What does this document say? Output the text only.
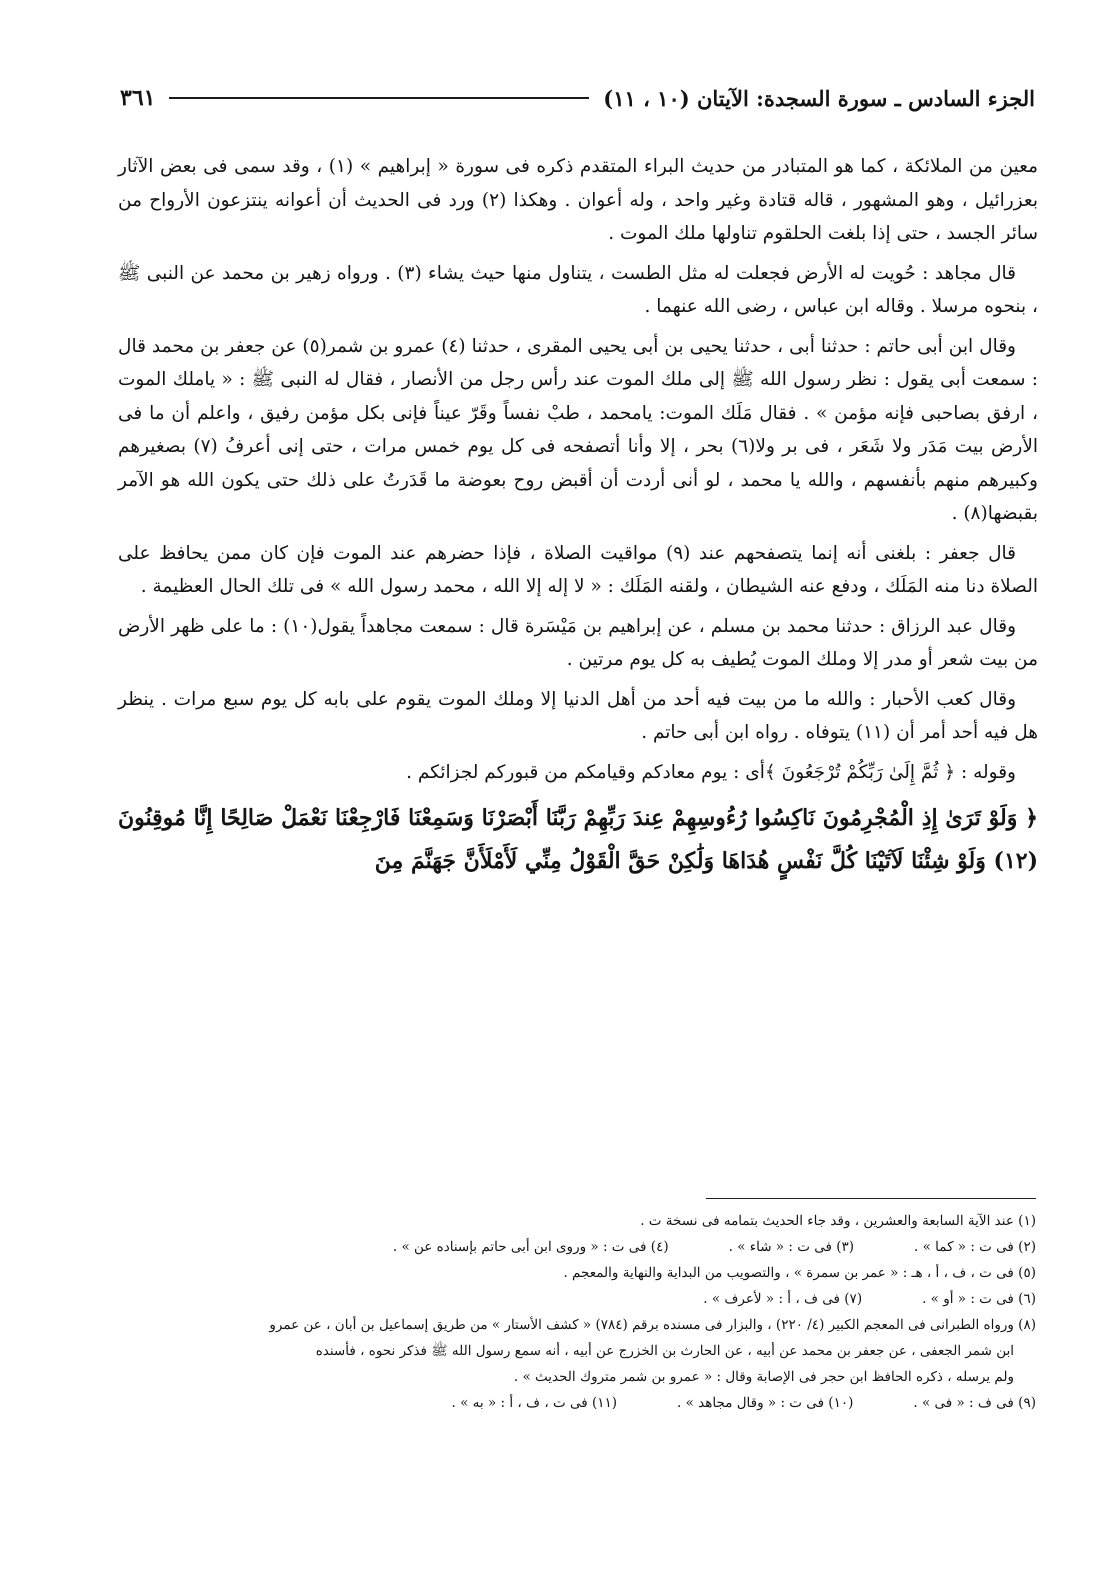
الجزء السادس ـ سورة السجدة: الآيتان (١٠ ، ١١)
٣٦١

معين من الملائكة ، كما هو المتبادر من حديث البراء المتقدم ذكره فى سورة « إبراهيم » (١) ، وقد سمى فى بعض الآثار بعزرائيل ، وهو المشهور ، قاله قتادة وغير واحد ، وله أعوان . وهكذا (٢) ورد فى الحديث أن أعوانه ينتزعون الأرواح من سائر الجسد ، حتى إذا بلغت الحلقوم تناولها ملك الموت .

قال مجاهد : حُويت له الأرض فجعلت له مثل الطست ، يتناول منها حيث يشاء (٣) . ورواه زهير بن محمد عن النبى ﷺ ، بنحوه مرسلا . وقاله ابن عباس ، رضى الله عنهما .

وقال ابن أبى حاتم : حدثنا أبى ، حدثنا يحيى بن أبى يحيى المقرى ، حدثنا (٤) عمرو بن شمر(٥) عن جعفر بن محمد قال : سمعت أبى يقول : نظر رسول الله ﷺ إلى ملك الموت عند رأس رجل من الأنصار ، فقال له النبى ﷺ : « ياملك الموت ، ارفق بصاحبى فإنه مؤمن » . فقال مَلَك الموت: يامحمد ، طبْ نفساً وقَرّ عيناً فإنى بكل مؤمن رفيق ، واعلم أن ما فى الأرض بيت مَدَر ولا شَعَر ، فى بر ولا(٦) بحر ، إلا وأنا أتصفحه فى كل يوم خمس مرات ، حتى إنى أعرفُ (٧) بصغيرهم وكبيرهم منهم بأنفسهم ، والله يا محمد ، لو أنى أردت أن أقبض روح بعوضة ما قَدَرتُ على ذلك حتى يكون الله هو الآمر بقبضها(٨) .

قال جعفر : بلغنى أنه إنما يتصفحهم عند (٩) مواقيت الصلاة ، فإذا حضرهم عند الموت فإن كان ممن يحافظ على الصلاة دنا منه المَلَك ، ودفع عنه الشيطان ، ولقنه المَلَك : « لا إله إلا الله ، محمد رسول الله » فى تلك الحال العظيمة .

وقال عبد الرزاق : حدثنا محمد بن مسلم ، عن إبراهيم بن مَيْسَرة قال : سمعت مجاهداً يقول(١٠) : ما على ظهر الأرض من بيت شعر أو مدر إلا وملك الموت يُطيف به كل يوم مرتين .

وقال كعب الأحبار : والله ما من بيت فيه أحد من أهل الدنيا إلا وملك الموت يقوم على بابه كل يوم سبع مرات . ينظر هل فيه أحد أمر أن (١١) يتوفاه . رواه ابن أبى حاتم .

وقوله : ﴿ ثُمَّ إِلَىٰ رَبِّكُمْ تُرْجَعُونَ ﴾أى : يوم معادكم وقيامكم من قبوركم لجزائكم .

﴿ وَلَوْ تَرَىٰ إِذِ الْمُجْرِمُونَ نَاكِسُوا رُءُوسِهِمْ عِندَ رَبِّهِمْ رَبَّنَا أَبْصَرْنَا وَسَمِعْنَا فَارْجِعْنَا نَعْمَلْ صَالِحًا إِنَّا مُوقِنُونَ (١٢) وَلَوْ شِئْنَا لَآتَيْنَا كُلَّ نَفْسٍ هُدَاهَا وَلَٰكِنْ حَقَّ الْقَوْلُ مِنِّي لَأَمْلَأَنَّ جَهَنَّمَ مِنَ

(١) عند الآية السابعة والعشرين ، وقد جاء الحديث بتمامه فى نسخة ت .

(٢) فى ت : « كما » .
(٣) فى ت : « شاء » .
(٤) فى ت : « وروى ابن أبى حاتم بإسناده عن » .

(٥) فى ت ، ف ، أ ، هـ : « عمر بن سمرة » ، والتصويب من البداية والنهاية والمعجم .

(٦) فى ت : « أو » .
(٧) فى ف ، أ : « لأعرف » .

(٨) ورواه الطبرانى فى المعجم الكبير (٤/ ٢٢٠) ، والبزار فى مسنده برقم (٧٨٤) « كشف الأستار » من طريق إسماعيل بن أبان ، عن عمرو

ابن شمر الجعفى ، عن جعفر بن محمد عن أبيه ، عن الحارث بن الخزرج عن أبيه ، أنه سمع رسول الله ﷺ فذكر نحوه ، فأسنده

ولم يرسله ، ذكره الحافظ ابن حجر فى الإصابة وقال : « عمرو بن شمر متروك الحديث » .

(٩) فى ف : « فى » .
(١٠) فى ت : « وقال مجاهد » .
(١١) فى ت ، ف ، أ : « به » .
